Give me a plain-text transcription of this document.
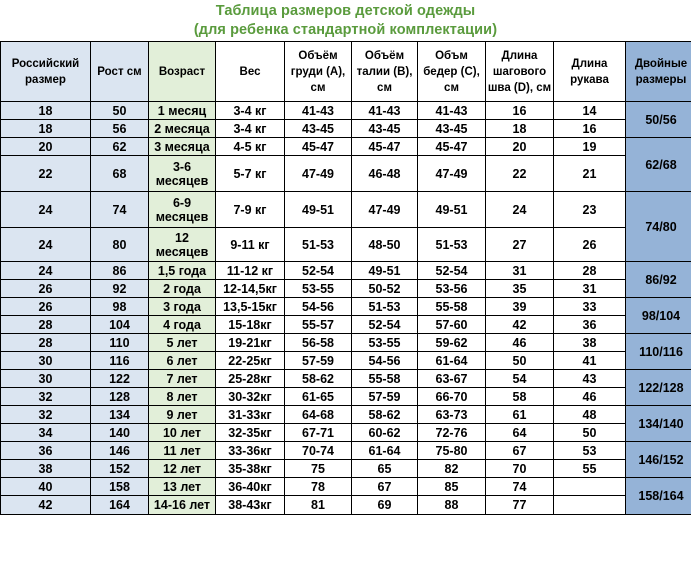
Таблица размеров детской одежды
(для ребенка стандартной комплектации)
Российский размер	Рост см	Возраст	Вес	Объём груди (А), см	Объём талии (В), см	Объм бедер (С), см	Длина шагового шва (D), см	Длина рукава	Двойные размеры
18	50	1 месяц	3-4 кг	41-43	41-43	41-43	16	14	50/56
18	56	2 месяца	3-4 кг	43-45	43-45	43-45	18	16	
20	62	3 месяца	4-5 кг	45-47	45-47	45-47	20	19	62/68
22	68	3-6 месяцев	5-7 кг	47-49	46-48	47-49	22	21	
24	74	6-9 месяцев	7-9 кг	49-51	47-49	49-51	24	23	74/80
24	80	12 месяцев	9-11 кг	51-53	48-50	51-53	27	26	
24	86	1,5 года	11-12 кг	52-54	49-51	52-54	31	28	86/92
26	92	2 года	12-14,5кг	53-55	50-52	53-56	35	31	
26	98	3 года	13,5-15кг	54-56	51-53	55-58	39	33	98/104
28	104	4 года	15-18кг	55-57	52-54	57-60	42	36	
28	110	5 лет	19-21кг	56-58	53-55	59-62	46	38	110/116
30	116	6 лет	22-25кг	57-59	54-56	61-64	50	41	
30	122	7 лет	25-28кг	58-62	55-58	63-67	54	43	122/128
32	128	8 лет	30-32кг	61-65	57-59	66-70	58	46	
32	134	9 лет	31-33кг	64-68	58-62	63-73	61	48	134/140
34	140	10 лет	32-35кг	67-71	60-62	72-76	64	50	
36	146	11 лет	33-36кг	70-74	61-64	75-80	67	53	146/152
38	152	12 лет	35-38кг	75	65	82	70	55	
40	158	13 лет	36-40кг	78	67	85	74		158/164
42	164	14-16 лет	38-43кг	81	69	88	77		
